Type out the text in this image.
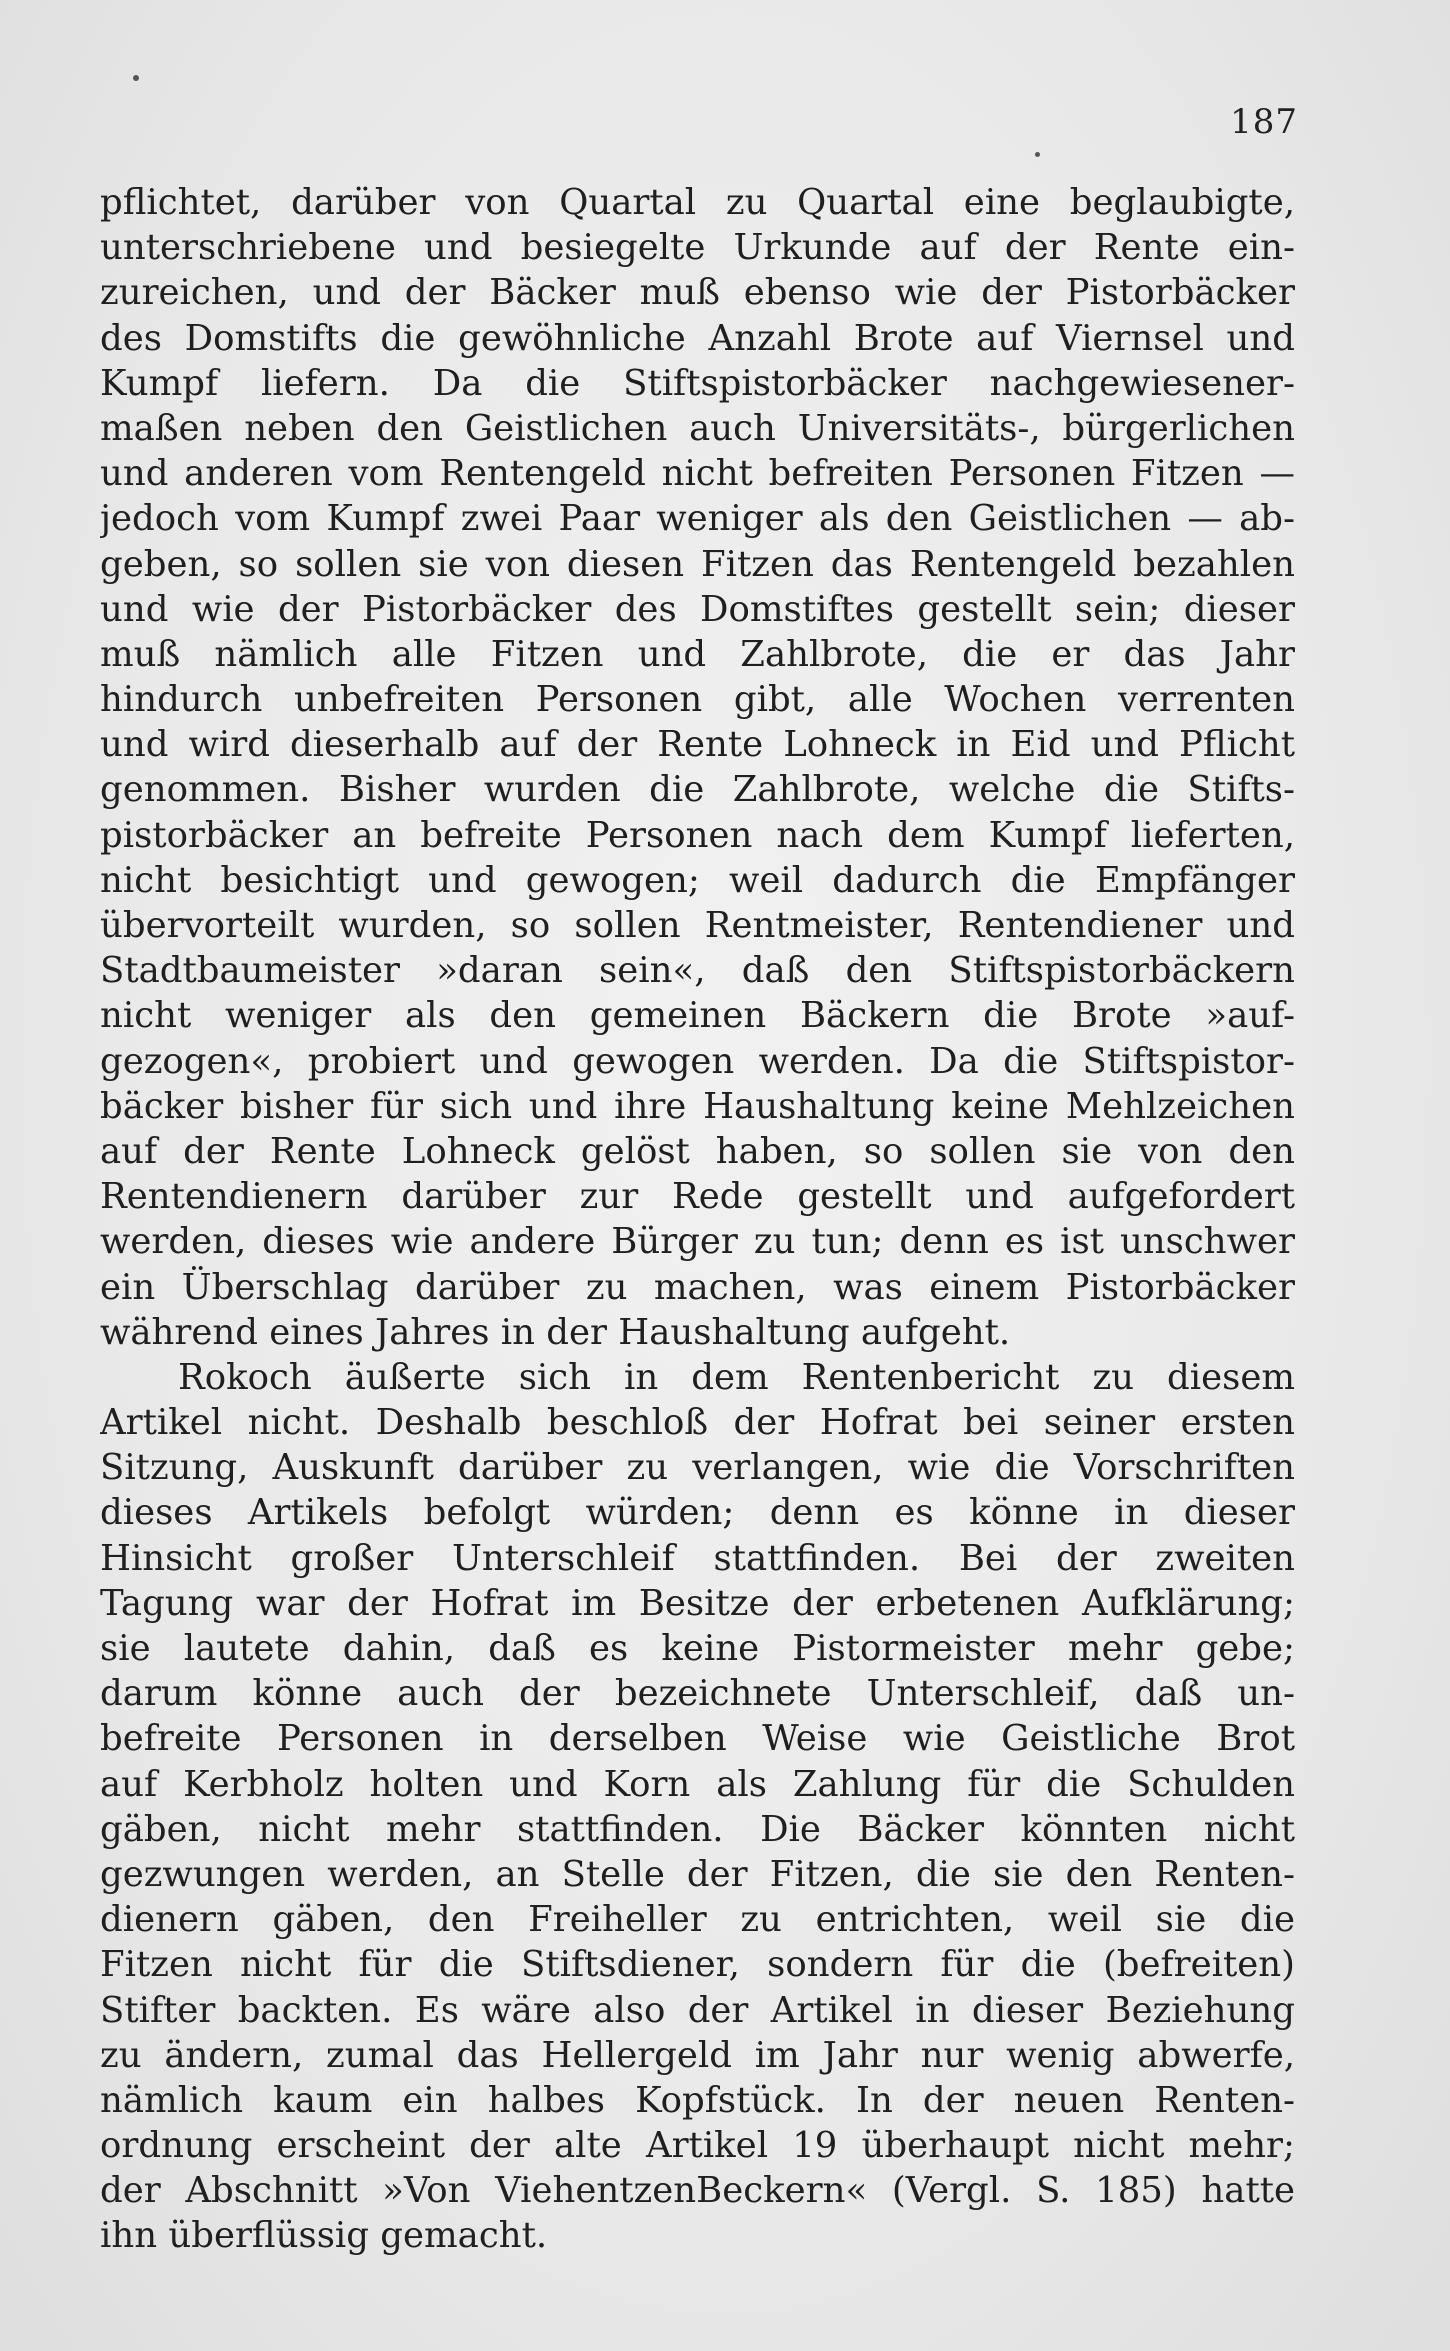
187
pflichtet, darüber von Quartal zu Quartal eine beglaubigte,
unterschriebene und besiegelte Urkunde auf der Rente ein-
zureichen, und der Bäcker muß ebenso wie der Pistorbäcker
des Domstifts die gewöhnliche Anzahl Brote auf Viernsel und
Kumpf liefern. Da die Stiftspistorbäcker nachgewiesener-
maßen neben den Geistlichen auch Universitäts-, bürgerlichen
und anderen vom Rentengeld nicht befreiten Personen Fitzen —
jedoch vom Kumpf zwei Paar weniger als den Geistlichen — ab-
geben, so sollen sie von diesen Fitzen das Rentengeld bezahlen
und wie der Pistorbäcker des Domstiftes gestellt sein; dieser
muß nämlich alle Fitzen und Zahlbrote, die er das Jahr
hindurch unbefreiten Personen gibt, alle Wochen verrenten
und wird dieserhalb auf der Rente Lohneck in Eid und Pflicht
genommen. Bisher wurden die Zahlbrote, welche die Stifts-
pistorbäcker an befreite Personen nach dem Kumpf lieferten,
nicht besichtigt und gewogen; weil dadurch die Empfänger
übervorteilt wurden, so sollen Rentmeister, Rentendiener und
Stadtbaumeister »daran sein«, daß den Stiftspistorbäckern
nicht weniger als den gemeinen Bäckern die Brote »auf-
gezogen«, probiert und gewogen werden. Da die Stiftspistor-
bäcker bisher für sich und ihre Haushaltung keine Mehlzeichen
auf der Rente Lohneck gelöst haben, so sollen sie von den
Rentendienern darüber zur Rede gestellt und aufgefordert
werden, dieses wie andere Bürger zu tun; denn es ist unschwer
ein Überschlag darüber zu machen, was einem Pistorbäcker
während eines Jahres in der Haushaltung aufgeht.
Rokoch äußerte sich in dem Rentenbericht zu diesem
Artikel nicht. Deshalb beschloß der Hofrat bei seiner ersten
Sitzung, Auskunft darüber zu verlangen, wie die Vorschriften
dieses Artikels befolgt würden; denn es könne in dieser
Hinsicht großer Unterschleif stattfinden. Bei der zweiten
Tagung war der Hofrat im Besitze der erbetenen Aufklärung;
sie lautete dahin, daß es keine Pistormeister mehr gebe;
darum könne auch der bezeichnete Unterschleif, daß un-
befreite Personen in derselben Weise wie Geistliche Brot
auf Kerbholz holten und Korn als Zahlung für die Schulden
gäben, nicht mehr stattfinden. Die Bäcker könnten nicht
gezwungen werden, an Stelle der Fitzen, die sie den Renten-
dienern gäben, den Freiheller zu entrichten, weil sie die
Fitzen nicht für die Stiftsdiener, sondern für die (befreiten)
Stifter backten. Es wäre also der Artikel in dieser Beziehung
zu ändern, zumal das Hellergeld im Jahr nur wenig abwerfe,
nämlich kaum ein halbes Kopfstück. In der neuen Renten-
ordnung erscheint der alte Artikel 19 überhaupt nicht mehr;
der Abschnitt »Von ViehentzenBeckern« (Vergl. S. 185) hatte
ihn überflüssig gemacht.
